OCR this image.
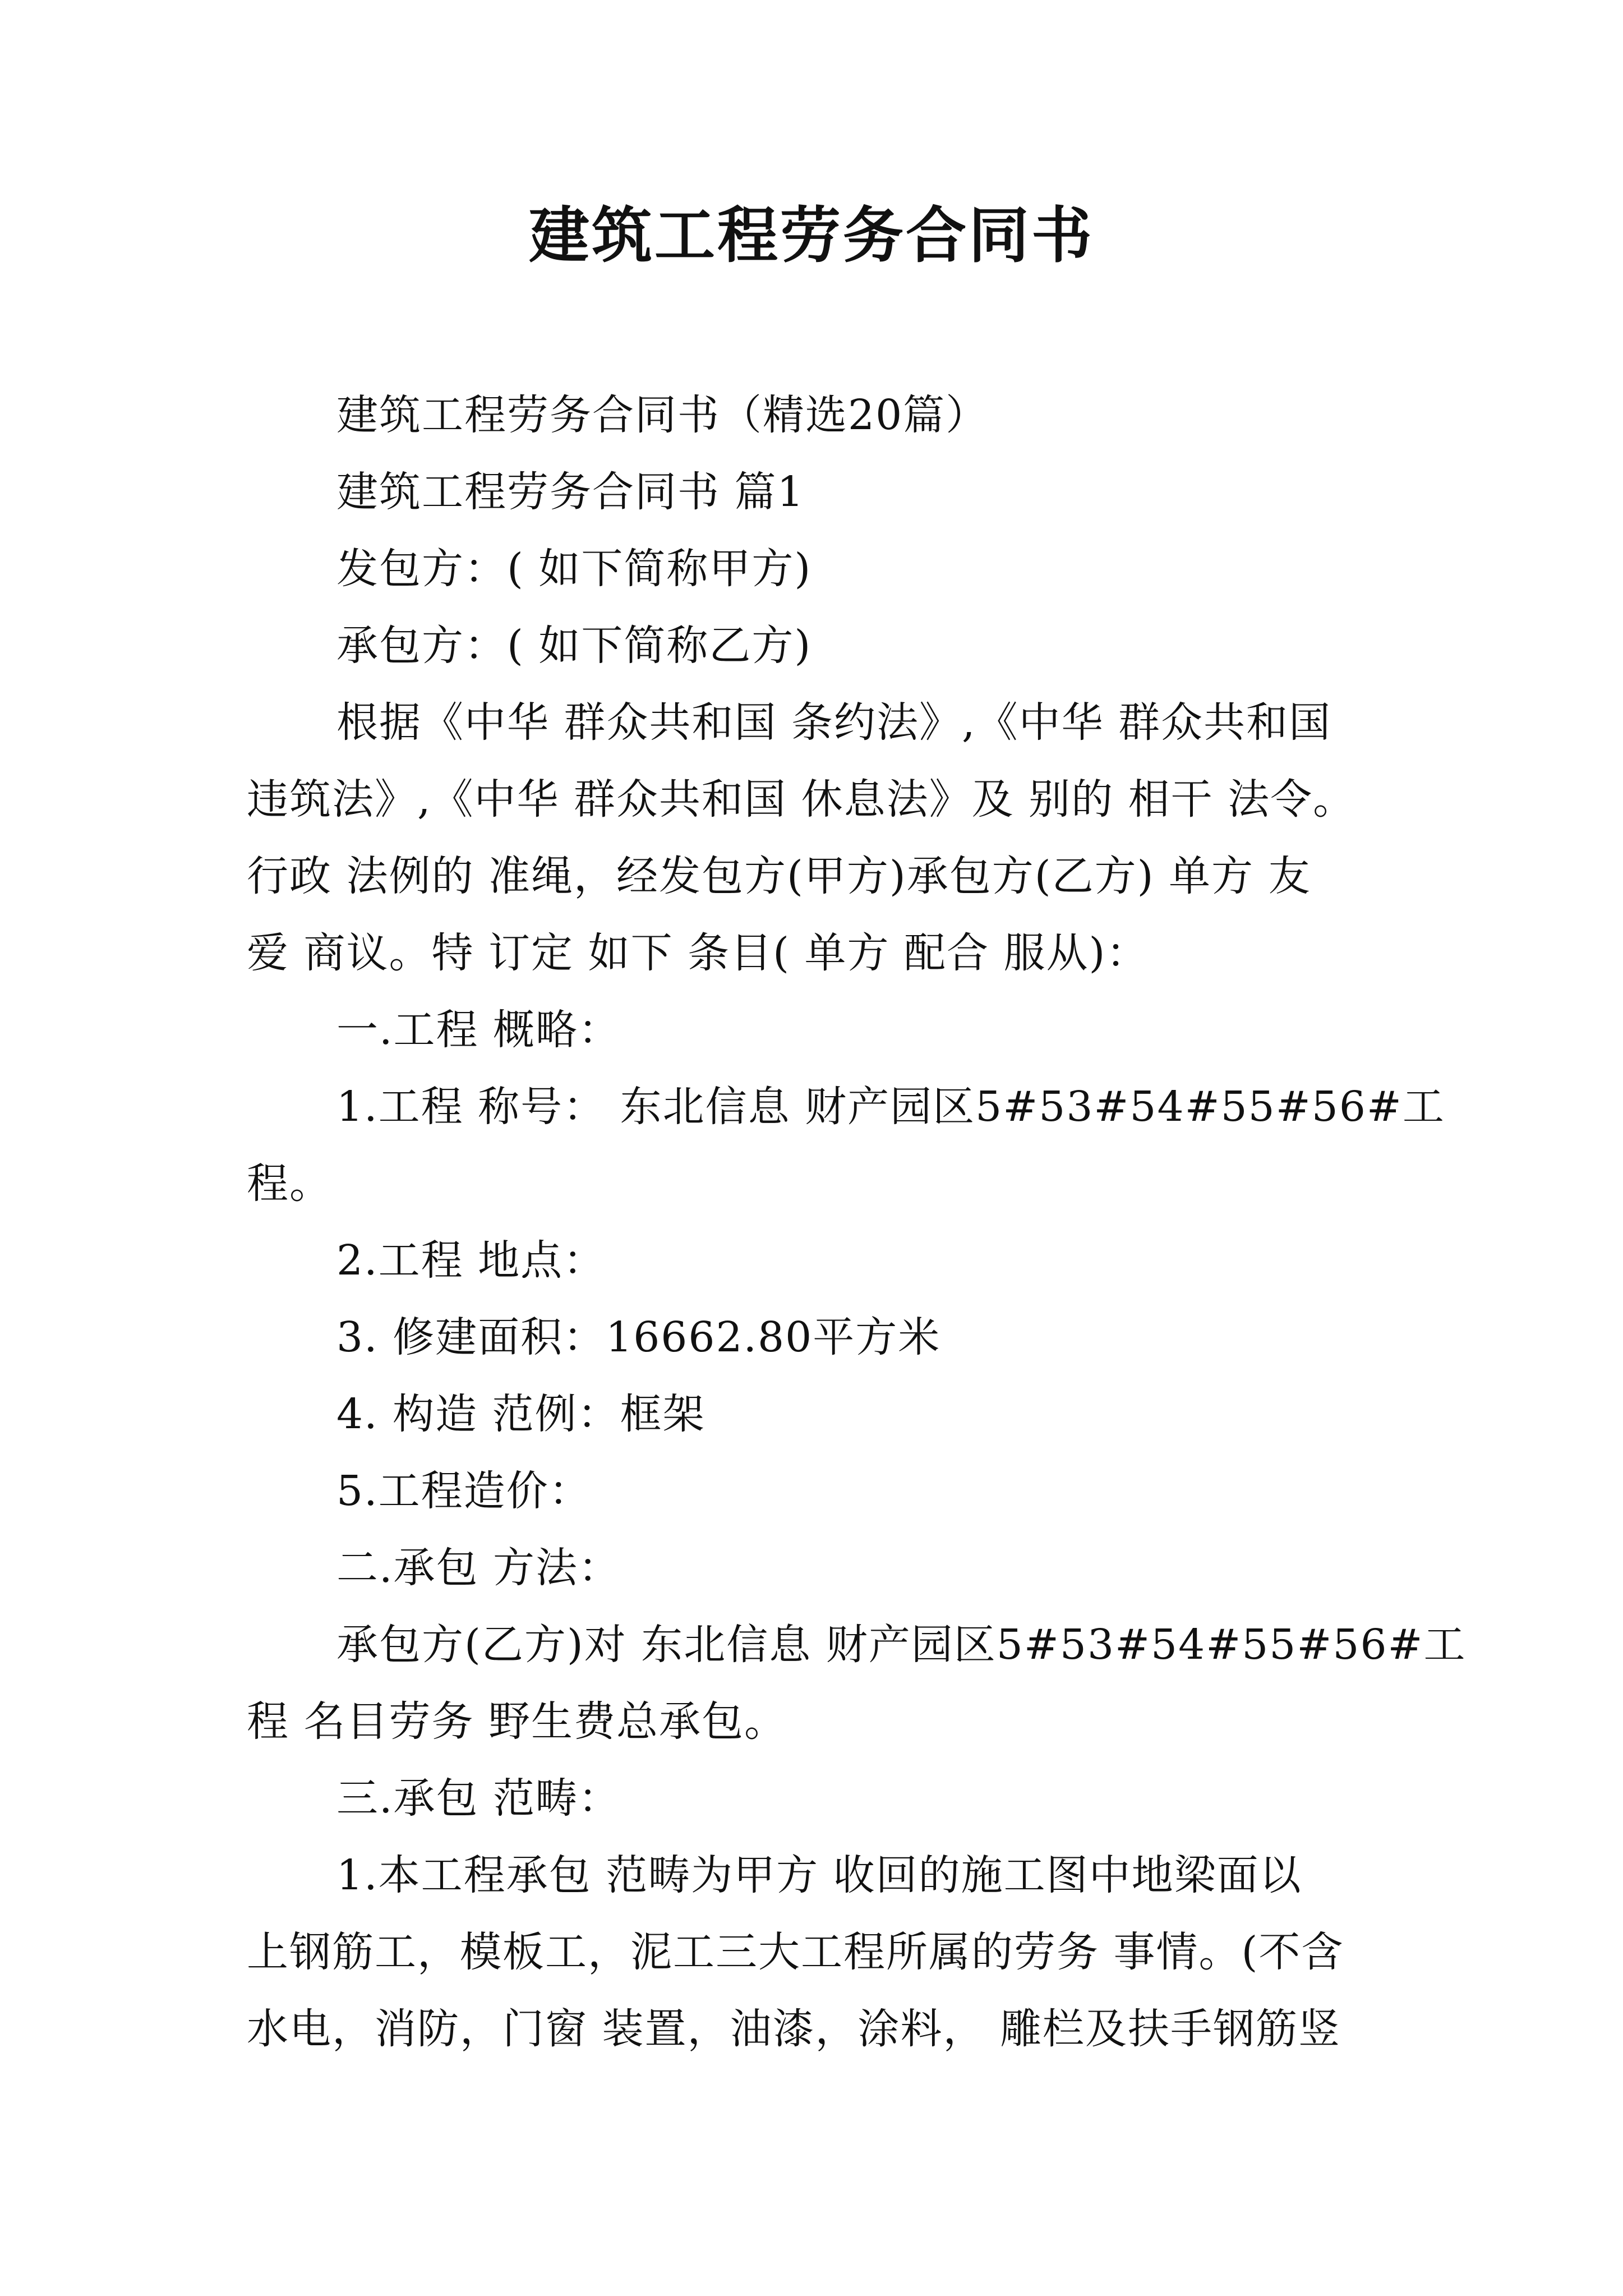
建筑工程劳务合同书
建筑工程劳务合同书（精选20篇）
建筑工程劳务合同书 篇1
发包方：( 如下简称甲方)
承包方：( 如下简称乙方)
根据《中华 群众共和国 条约法》,《中华 群众共和国
违筑法》,《中华 群众共和国 休息法》及 别的 相干 法令。
行政 法例的 准绳，经发包方(甲方)承包方(乙方) 单方 友
爱 商议。特 订定 如下 条目( 单方 配合 服从)：
一.工程 概略：
1.工程 称号： 东北信息 财产园区5#53#54#55#56#工
程。
2.工程 地点：
3. 修建面积：16662.80平方米
4. 构造 范例：框架
5.工程造价：
二.承包 方法：
承包方(乙方)对 东北信息 财产园区5#53#54#55#56#工
程 名目劳务 野生费总承包。
三.承包 范畴：
1.本工程承包 范畴为甲方 收回的施工图中地梁面以
上钢筋工，模板工，泥工三大工程所属的劳务 事情。(不含
水电，消防，门窗 装置，油漆，涂料， 雕栏及扶手钢筋竖
